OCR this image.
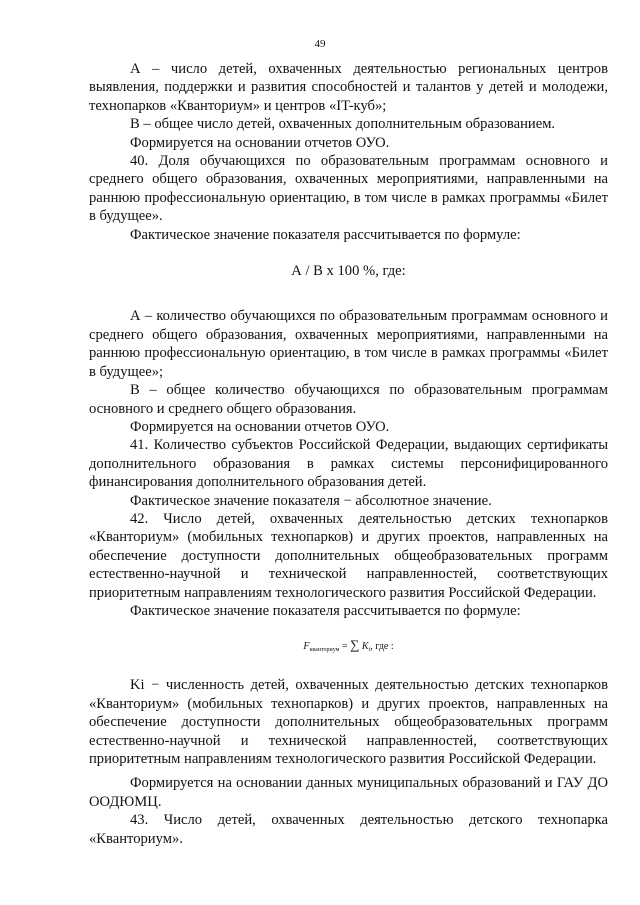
49

А – число детей, охваченных деятельностью региональных центров выявления, поддержки и развития способностей и талантов у детей и молодежи, технопарков «Кванториум» и центров «IT-куб»;

В – общее число детей, охваченных дополнительным образованием.

Формируется на основании отчетов ОУО.

40. Доля обучающихся по образовательным программам основного и среднего общего образования, охваченных мероприятиями, направленными на раннюю профессиональную ориентацию, в том числе в рамках программы «Билет в будущее».

Фактическое значение показателя рассчитывается по формуле:

А / В х 100 %, где:

А – количество обучающихся по образовательным программам основного и среднего общего образования, охваченных мероприятиями, направленными на раннюю профессиональную ориентацию, в том числе в рамках программы «Билет в будущее»;

В – общее количество обучающихся по образовательным программам основного и среднего общего образования.

Формируется на основании отчетов ОУО.

41. Количество субъектов Российской Федерации, выдающих сертификаты дополнительного образования в рамках системы персонифицированного финансирования дополнительного образования детей.

Фактическое значение показателя − абсолютное значение.

42. Число детей, охваченных деятельностью детских технопарков «Кванториум» (мобильных технопарков) и других проектов, направленных на обеспечение доступности дополнительных общеобразовательных программ естественно-научной и технической направленностей, соответствующих приоритетным направлениям технологического развития Российской Федерации.

Фактическое значение показателя рассчитывается по формуле:

$F_{кванториум}$ = ∑ $K_i$, где :

Ki − численность детей, охваченных деятельностью детских технопарков «Кванториум» (мобильных технопарков) и других проектов, направленных на обеспечение доступности дополнительных общеобразовательных программ естественно-научной и технической направленностей, соответствующих приоритетным направлениям технологического развития Российской Федерации.

Формируется на основании данных муниципальных образований и ГАУ ДО ООДЮМЦ.

43. Число детей, охваченных деятельностью детского технопарка «Кванториум».
